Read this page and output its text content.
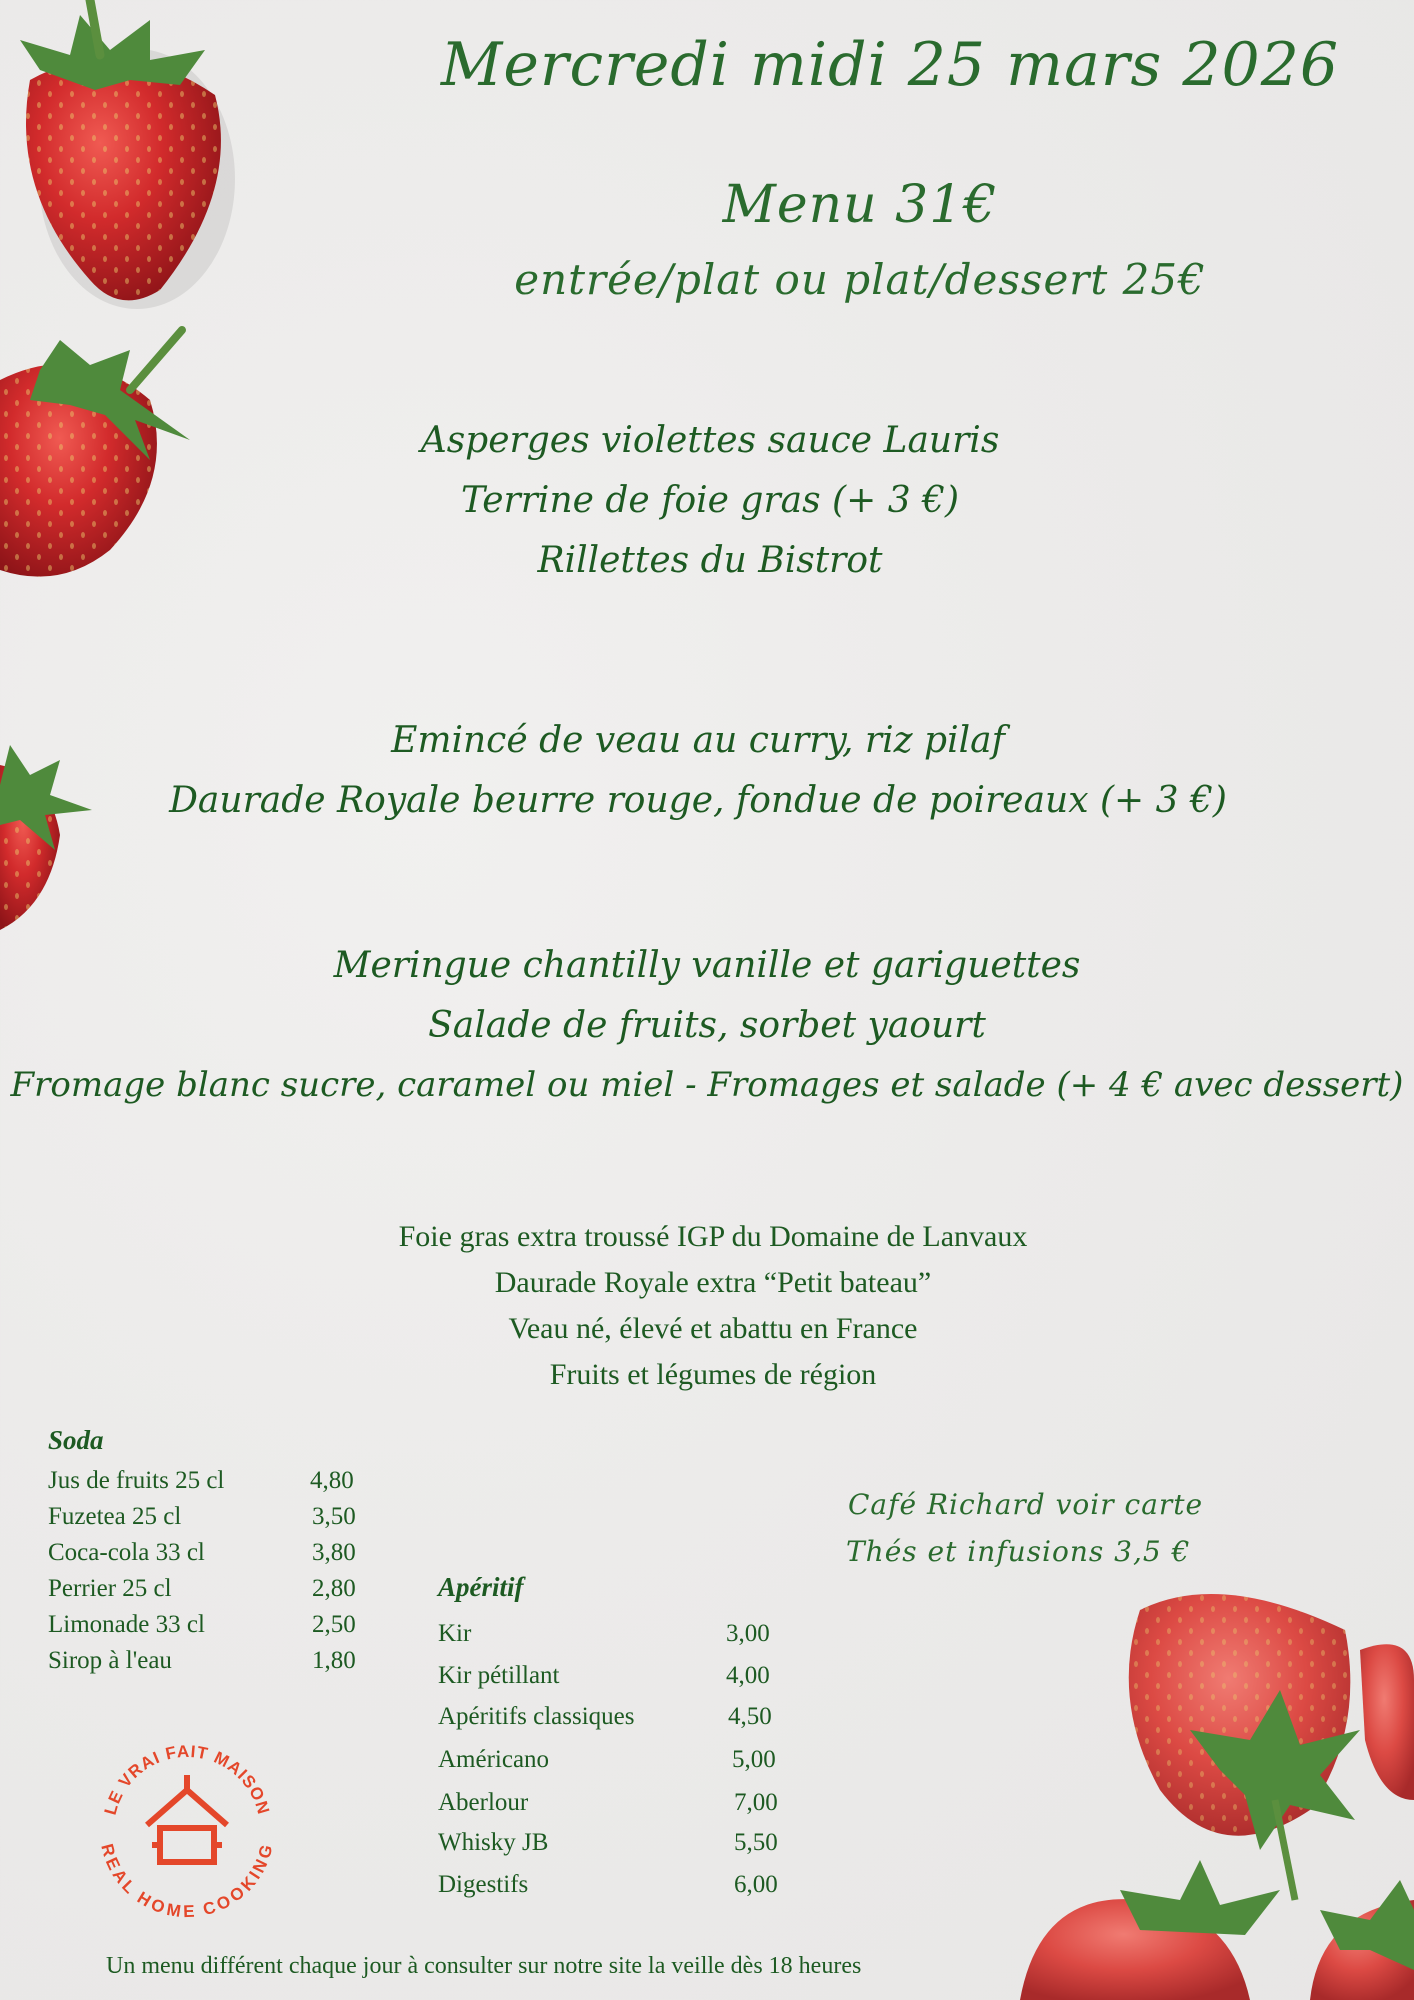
Mercredi midi 25 mars 2026
Menu 31€
entrée/plat ou plat/dessert 25€
Asperges violettes sauce Lauris
Terrine de foie gras (+ 3 €)
Rillettes du Bistrot
Emincé de veau au curry, riz pilaf
Daurade Royale beurre rouge, fondue de poireaux (+ 3 €)
Meringue chantilly vanille et gariguettes
Salade de fruits, sorbet yaourt
Fromage blanc sucre, caramel ou miel - Fromages et salade (+ 4 € avec dessert)
Foie gras extra troussé IGP du Domaine de Lanvaux
Daurade Royale extra “Petit bateau”
Veau né, élevé et abattu en France
Fruits et légumes de région
Soda
Jus de fruits 25 cl	4,80
Fuzetea 25 cl	3,50
Coca-cola 33 cl	3,80
Perrier 25 cl	2,80
Limonade 33 cl	2,50
Sirop à l'eau	1,80
Apéritif
Kir	3,00
Kir pétillant	4,00
Apéritifs classiques	4,50
Américano	5,00
Aberlour	7,00
Whisky JB	5,50
Digestifs	6,00
Café Richard voir carte
Thés et infusions 3,5 €
LE VRAI FAIT MAISON
REAL HOME COOKING
Un menu différent chaque jour à consulter sur notre site la veille dès 18 heures
